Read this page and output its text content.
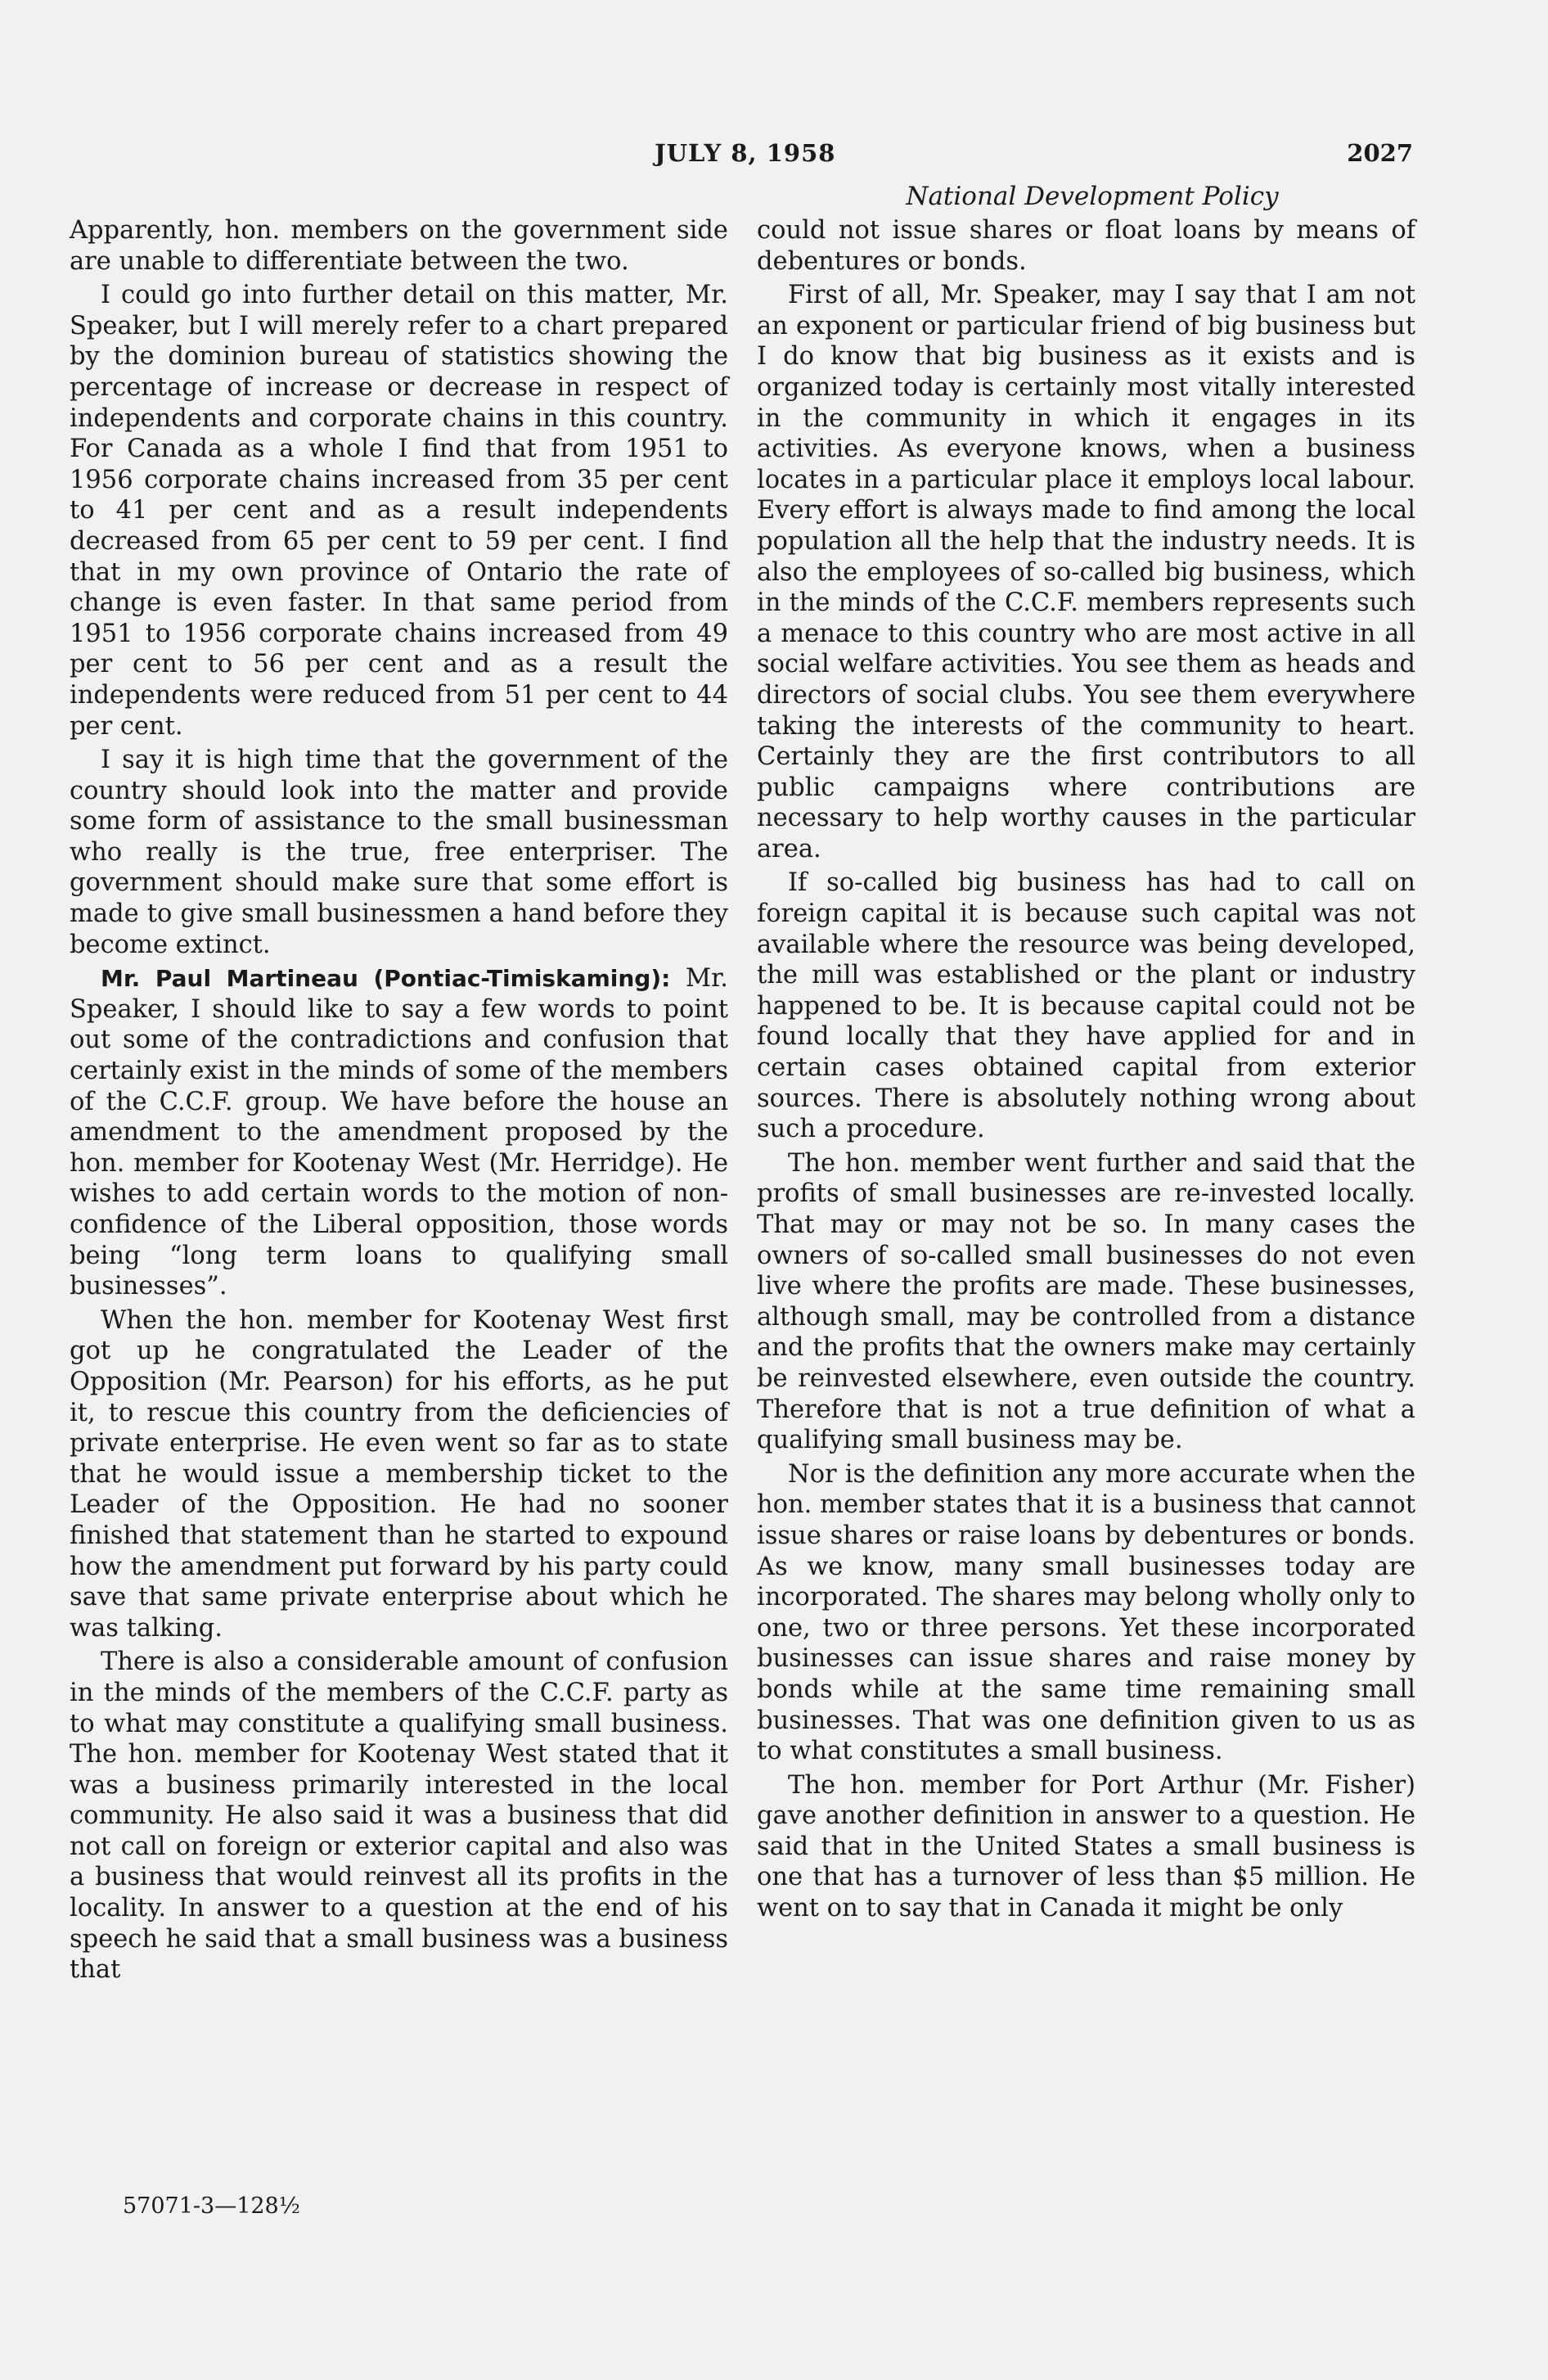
JULY 8, 1958	2027
National Development Policy

Apparently, hon. members on the government side are unable to differentiate between the two.

I could go into further detail on this matter, Mr. Speaker, but I will merely refer to a chart prepared by the dominion bureau of statistics showing the percentage of increase or decrease in respect of independents and corporate chains in this country. For Canada as a whole I find that from 1951 to 1956 corporate chains increased from 35 per cent to 41 per cent and as a result independents decreased from 65 per cent to 59 per cent. I find that in my own province of Ontario the rate of change is even faster. In that same period from 1951 to 1956 corporate chains increased from 49 per cent to 56 per cent and as a result the independents were reduced from 51 per cent to 44 per cent.

I say it is high time that the government of the country should look into the matter and provide some form of assistance to the small businessman who really is the true, free enterpriser. The government should make sure that some effort is made to give small businessmen a hand before they become extinct.

Mr. Paul Martineau (Pontiac-Timiskaming): Mr. Speaker, I should like to say a few words to point out some of the contradictions and confusion that certainly exist in the minds of some of the members of the C.C.F. group. We have before the house an amendment to the amendment proposed by the hon. member for Kootenay West (Mr. Herridge). He wishes to add certain words to the motion of non-confidence of the Liberal opposition, those words being “long term loans to qualifying small businesses”.

When the hon. member for Kootenay West first got up he congratulated the Leader of the Opposition (Mr. Pearson) for his efforts, as he put it, to rescue this country from the deficiencies of private enterprise. He even went so far as to state that he would issue a membership ticket to the Leader of the Opposition. He had no sooner finished that statement than he started to expound how the amendment put forward by his party could save that same private enterprise about which he was talking.

There is also a considerable amount of confusion in the minds of the members of the C.C.F. party as to what may constitute a qualifying small business. The hon. member for Kootenay West stated that it was a business primarily interested in the local community. He also said it was a business that did not call on foreign or exterior capital and also was a business that would reinvest all its profits in the locality. In answer to a question at the end of his speech he said that a small business was a business that

could not issue shares or float loans by means of debentures or bonds.

First of all, Mr. Speaker, may I say that I am not an exponent or particular friend of big business but I do know that big business as it exists and is organized today is certainly most vitally interested in the community in which it engages in its activities. As everyone knows, when a business locates in a particular place it employs local labour. Every effort is always made to find among the local population all the help that the industry needs. It is also the employees of so-called big business, which in the minds of the C.C.F. members represents such a menace to this country who are most active in all social welfare activities. You see them as heads and directors of social clubs. You see them everywhere taking the interests of the community to heart. Certainly they are the first contributors to all public campaigns where contributions are necessary to help worthy causes in the particular area.

If so-called big business has had to call on foreign capital it is because such capital was not available where the resource was being developed, the mill was established or the plant or industry happened to be. It is because capital could not be found locally that they have applied for and in certain cases obtained capital from exterior sources. There is absolutely nothing wrong about such a procedure.

The hon. member went further and said that the profits of small businesses are re-invested locally. That may or may not be so. In many cases the owners of so-called small businesses do not even live where the profits are made. These businesses, although small, may be controlled from a distance and the profits that the owners make may certainly be reinvested elsewhere, even outside the country. Therefore that is not a true definition of what a qualifying small business may be.

Nor is the definition any more accurate when the hon. member states that it is a business that cannot issue shares or raise loans by debentures or bonds. As we know, many small businesses today are incorporated. The shares may belong wholly only to one, two or three persons. Yet these incorporated businesses can issue shares and raise money by bonds while at the same time remaining small businesses. That was one definition given to us as to what constitutes a small business.

The hon. member for Port Arthur (Mr. Fisher) gave another definition in answer to a question. He said that in the United States a small business is one that has a turnover of less than $5 million. He went on to say that in Canada it might be only

57071-3—128½
